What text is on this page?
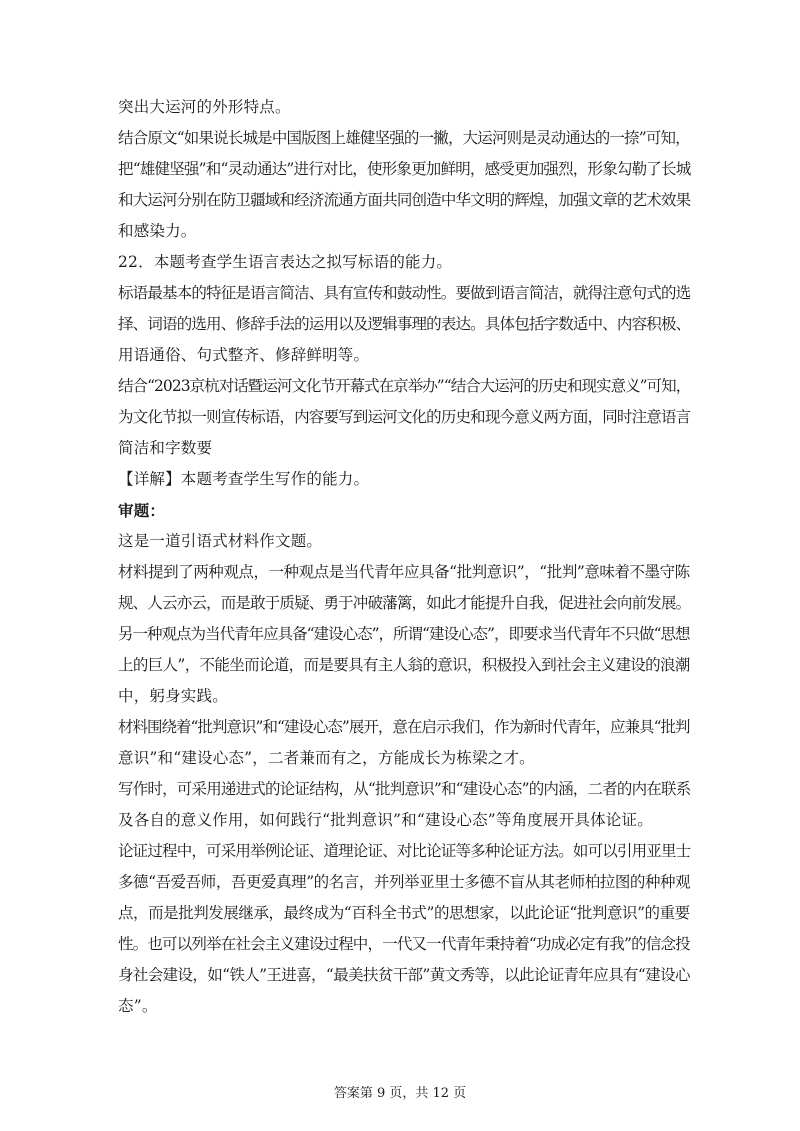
突出大运河的外形特点。

结合原文“如果说长城是中国版图上雄健坚强的一撇，大运河则是灵动通达的一捺”可知，

把“雄健坚强”和“灵动通达”进行对比，使形象更加鲜明，感受更加强烈，形象勾勒了长城

和大运河分别在防卫疆域和经济流通方面共同创造中华文明的辉煌，加强文章的艺术效果

和感染力。

22．本题考查学生语言表达之拟写标语的能力。

标语最基本的特征是语言简洁、具有宣传和鼓动性。要做到语言简洁，就得注意句式的选

择、词语的选用、修辞手法的运用以及逻辑事理的表达。具体包括字数适中、内容积极、

用语通俗、句式整齐、修辞鲜明等。

结合“2023京杭对话暨运河文化节开幕式在京举办”“结合大运河的历史和现实意义”可知，

为文化节拟一则宣传标语，内容要写到运河文化的历史和现今意义两方面，同时注意语言

简洁和字数要

【详解】本题考查学生写作的能力。

审题：

这是一道引语式材料作文题。

材料提到了两种观点，一种观点是当代青年应具备“批判意识”，“批判”意味着不墨守陈

规、人云亦云，而是敢于质疑、勇于冲破藩篱，如此才能提升自我，促进社会向前发展。

另一种观点为当代青年应具备“建设心态”，所谓“建设心态”，即要求当代青年不只做“思想

上的巨人”，不能坐而论道，而是要具有主人翁的意识，积极投入到社会主义建设的浪潮

中，躬身实践。

材料围绕着“批判意识”和“建设心态”展开，意在启示我们，作为新时代青年，应兼具“批判

意识”和“建设心态”，二者兼而有之，方能成长为栋梁之才。

写作时，可采用递进式的论证结构，从“批判意识”和“建设心态”的内涵，二者的内在联系

及各自的意义作用，如何践行“批判意识”和“建设心态”等角度展开具体论证。

论证过程中，可采用举例论证、道理论证、对比论证等多种论证方法。如可以引用亚里士

多德“吾爱吾师，吾更爱真理”的名言，并列举亚里士多德不盲从其老师柏拉图的种种观

点，而是批判发展继承，最终成为“百科全书式”的思想家，以此论证“批判意识”的重要

性。也可以列举在社会主义建设过程中，一代又一代青年秉持着“功成必定有我”的信念投

身社会建设，如“铁人”王进喜，“最美扶贫干部”黄文秀等，以此论证青年应具有“建设心

态”。

答案第 9 页，共 12 页
